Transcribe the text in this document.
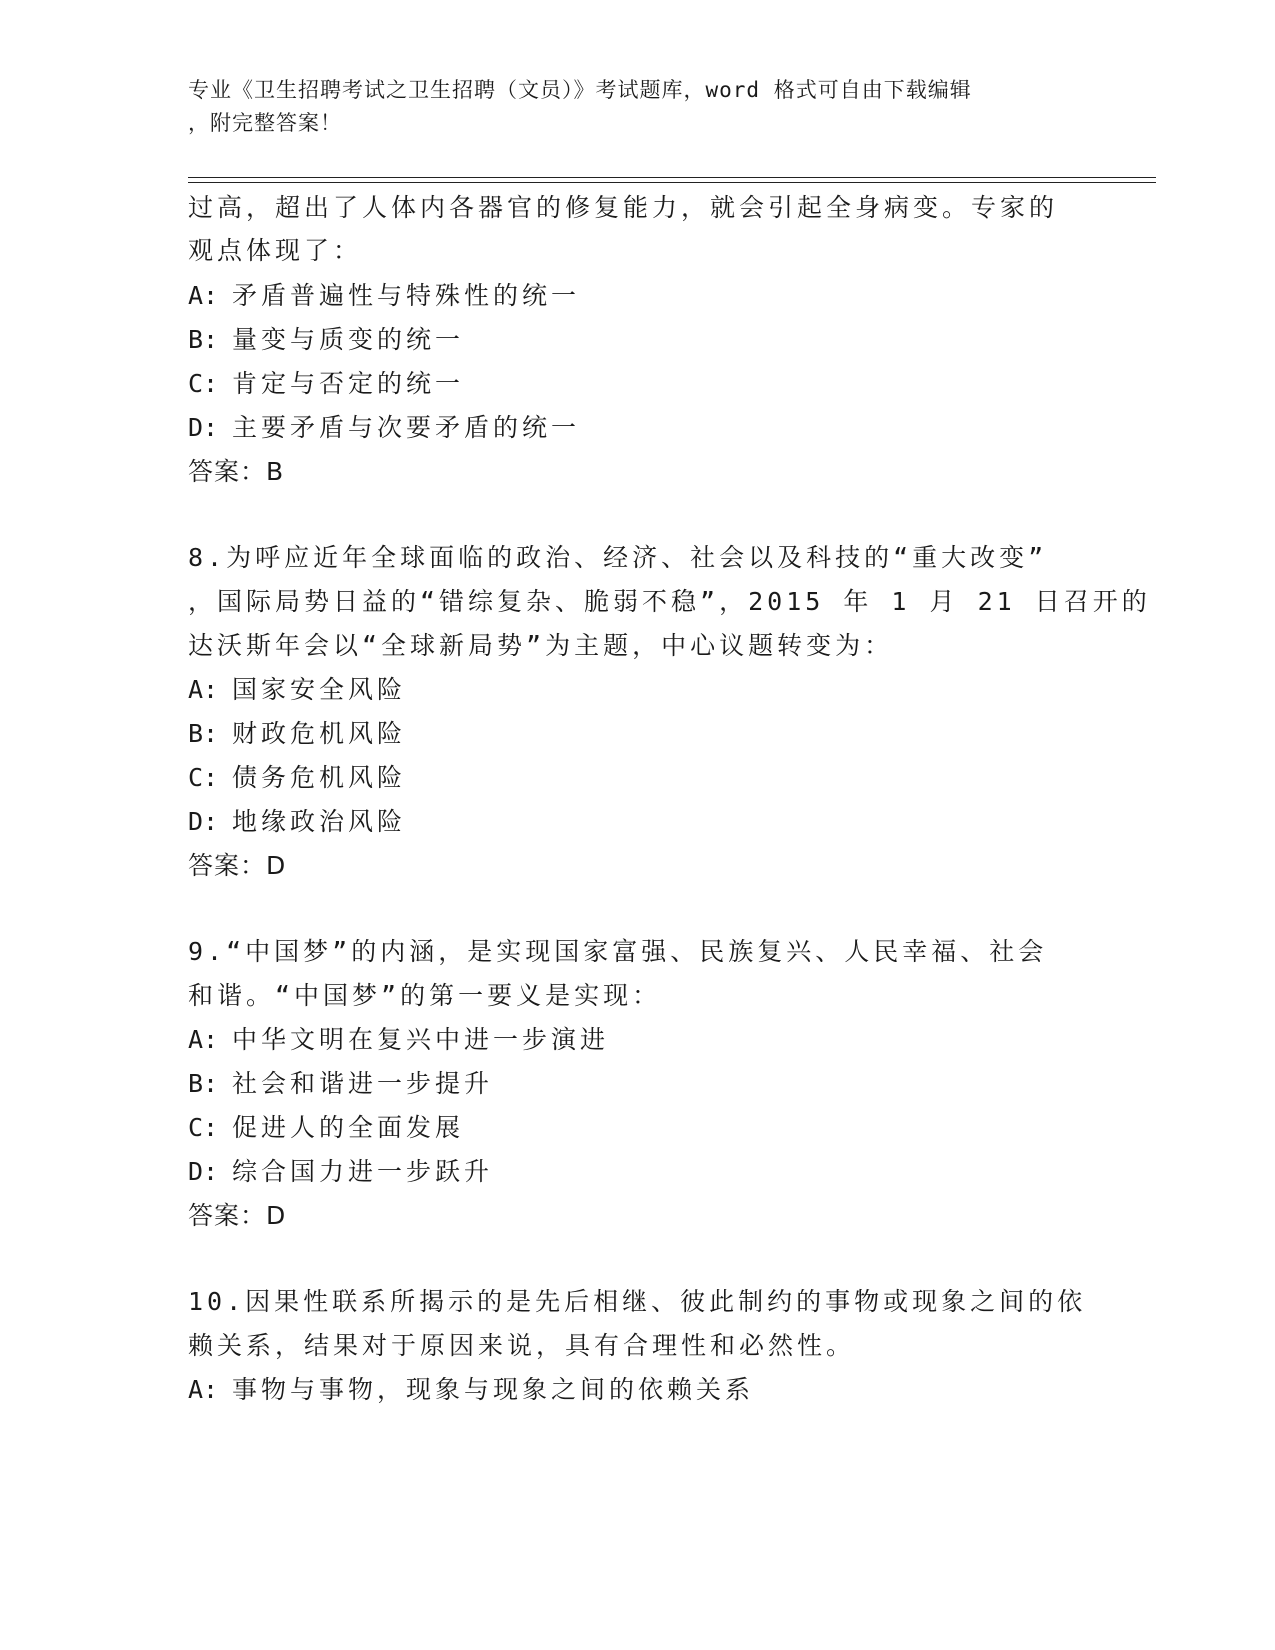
专业《卫生招聘考试之卫生招聘（文员）》考试题库，word 格式可自由下载编辑
，附完整答案！
过高，超出了人体内各器官的修复能力，就会引起全身病变。专家的
观点体现了：
A: 矛盾普遍性与特殊性的统一
B: 量变与质变的统一
C: 肯定与否定的统一
D: 主要矛盾与次要矛盾的统一
答案：B
8.为呼应近年全球面临的政治、经济、社会以及科技的“重大改变”
，国际局势日益的“错综复杂、脆弱不稳”，2015 年 1 月 21 日召开的
达沃斯年会以“全球新局势”为主题，中心议题转变为：
A: 国家安全风险
B: 财政危机风险
C: 债务危机风险
D: 地缘政治风险
答案：D
9.“中国梦”的内涵，是实现国家富强、民族复兴、人民幸福、社会
和谐。“中国梦”的第一要义是实现：
A: 中华文明在复兴中进一步演进
B: 社会和谐进一步提升
C: 促进人的全面发展
D: 综合国力进一步跃升
答案：D
10.因果性联系所揭示的是先后相继、彼此制约的事物或现象之间的依
赖关系，结果对于原因来说，具有合理性和必然性。
A: 事物与事物，现象与现象之间的依赖关系
